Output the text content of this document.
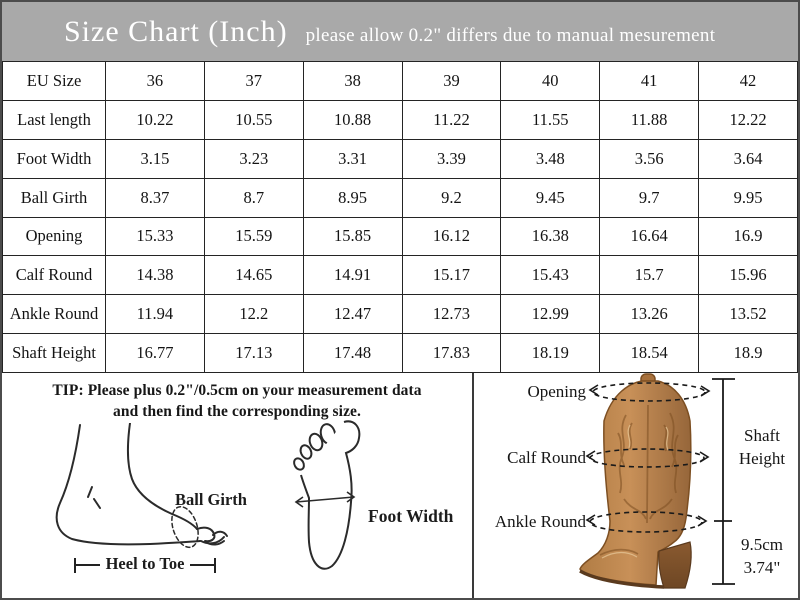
Size Chart (Inch) please allow 0.2" differs due to manual mesurement
EU Size	36	37	38	39	40	41	42
Last length	10.22	10.55	10.88	11.22	11.55	11.88	12.22
Foot Width	3.15	3.23	3.31	3.39	3.48	3.56	3.64
Ball Girth	8.37	8.7	8.95	9.2	9.45	9.7	9.95
Opening	15.33	15.59	15.85	16.12	16.38	16.64	16.9
Calf Round	14.38	14.65	14.91	15.17	15.43	15.7	15.96
Ankle Round	11.94	12.2	12.47	12.73	12.99	13.26	13.52
Shaft Height	16.77	17.13	17.48	17.83	18.19	18.54	18.9
TIP: Please plus 0.2"/0.5cm on your measurement data
and then find the corresponding size.
Ball Girth
Heel to Toe
Foot Width
Opening
Calf Round
Ankle Round
Shaft
Height
9.5cm
3.74"
